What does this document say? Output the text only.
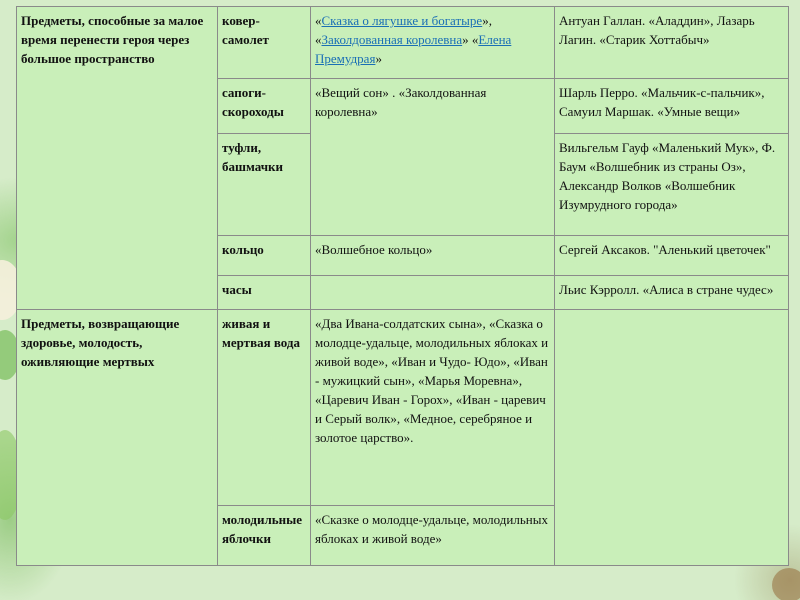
Предметы, способные за малое время перенести героя через большое пространство	ковер-самолет	«Сказка о лягушке и богатыре», «Заколдованная королевна» «Елена Премудрая»	Антуан Галлан. «Аладдин», Лазарь Лагин. «Старик Хоттабыч»
	сапоги-скороходы	«Вещий сон» . «Заколдованная королевна»	Шарль Перро. «Мальчик-с-пальчик», Самуил Маршак. «Умные вещи»
	туфли, башмачки		Вильгельм Гауф «Маленький Мук», Ф. Баум «Волшебник из страны Оз», Александр Волков «Волшебник Изумрудного города»
	кольцо	«Волшебное кольцо»	Сергей Аксаков. "Аленький цветочек"
	часы		Льис Кэрролл. «Алиса в стране чудес»
Предметы, возвращающие здоровье, молодость, оживляющие мертвых	живая и мертвая вода	«Два Ивана-солдатских сына», «Сказка о молодце-удальце, молодильных яблоках и живой воде», «Иван и Чудо- Юдо», «Иван - мужицкий сын», «Марья Моревна», «Царевич Иван - Горох», «Иван - царевич и Серый волк», «Медное, серебряное и золотое царство».	
	молодильные яблочки	«Сказке о молодце-удальце, молодильных яблоках и живой воде»	
